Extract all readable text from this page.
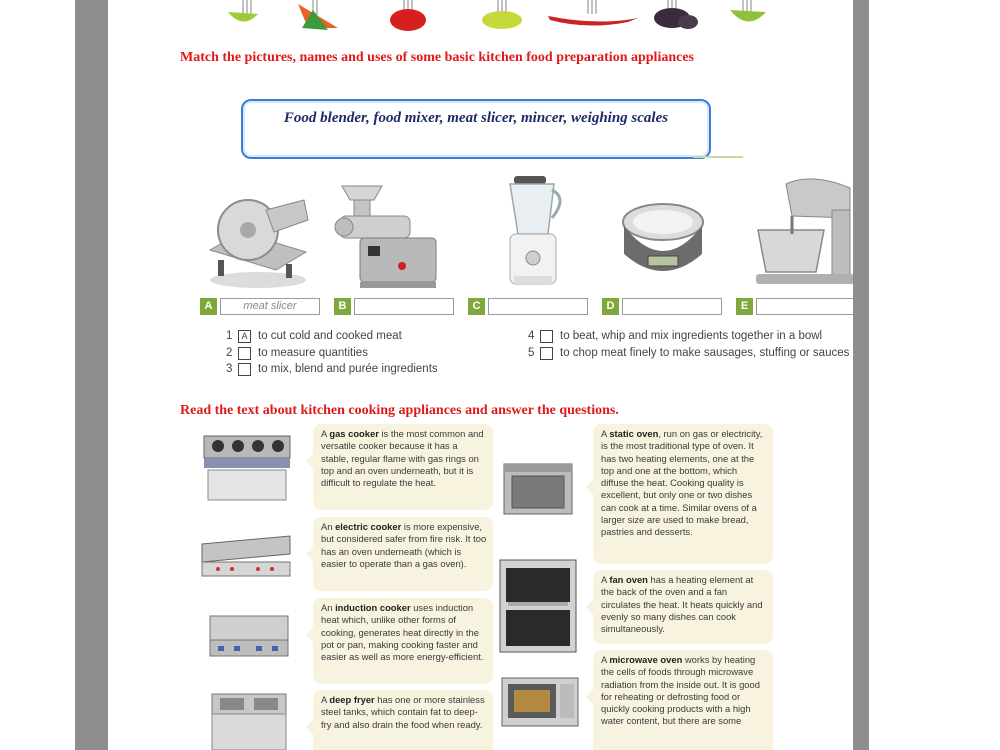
Match the pictures, names and uses of some basic kitchen food preparation appliances
Food blender, food mixer, meat slicer, mincer, weighing scales
A	meat slicer	B	C	D	E
1	A to cut cold and cooked meat
2 to measure quantities
3 to mix, blend and purée ingredients
4 to beat, whip and mix ingredients together in a bowl
5 to chop meat finely to make sausages, stuffing or sauces
Read the text about kitchen cooking appliances and answer the questions.
A gas cooker is the most common and versatile cooker because it has a stable, regular flame with gas rings on top and an oven underneath, but it is difficult to regulate the heat.
An electric cooker is more expensive, but considered safer from fire risk. It too has an oven underneath (which is easier to operate than a gas oven).
An induction cooker uses induction heat which, unlike other forms of cooking, generates heat directly in the pot or pan, making cooking faster and easier as well as more energy-efficient.
A deep fryer has one or more stainless steel tanks, which contain fat to deep-fry and also drain the food when ready.
A static oven, run on gas or electricity, is the most traditional type of oven. It has two heating elements, one at the top and one at the bottom, which diffuse the heat. Cooking quality is excellent, but only one or two dishes can cook at a time. Similar ovens of a larger size are used to make bread, pastries and desserts.
A fan oven has a heating element at the back of the oven and a fan circulates the heat. It heats quickly and evenly so many dishes can cook simultaneously.
A microwave oven works by heating the cells of foods through microwave radiation from the inside out. It is good for reheating or defrosting food or quickly cooking products with a high water content, but there are some
